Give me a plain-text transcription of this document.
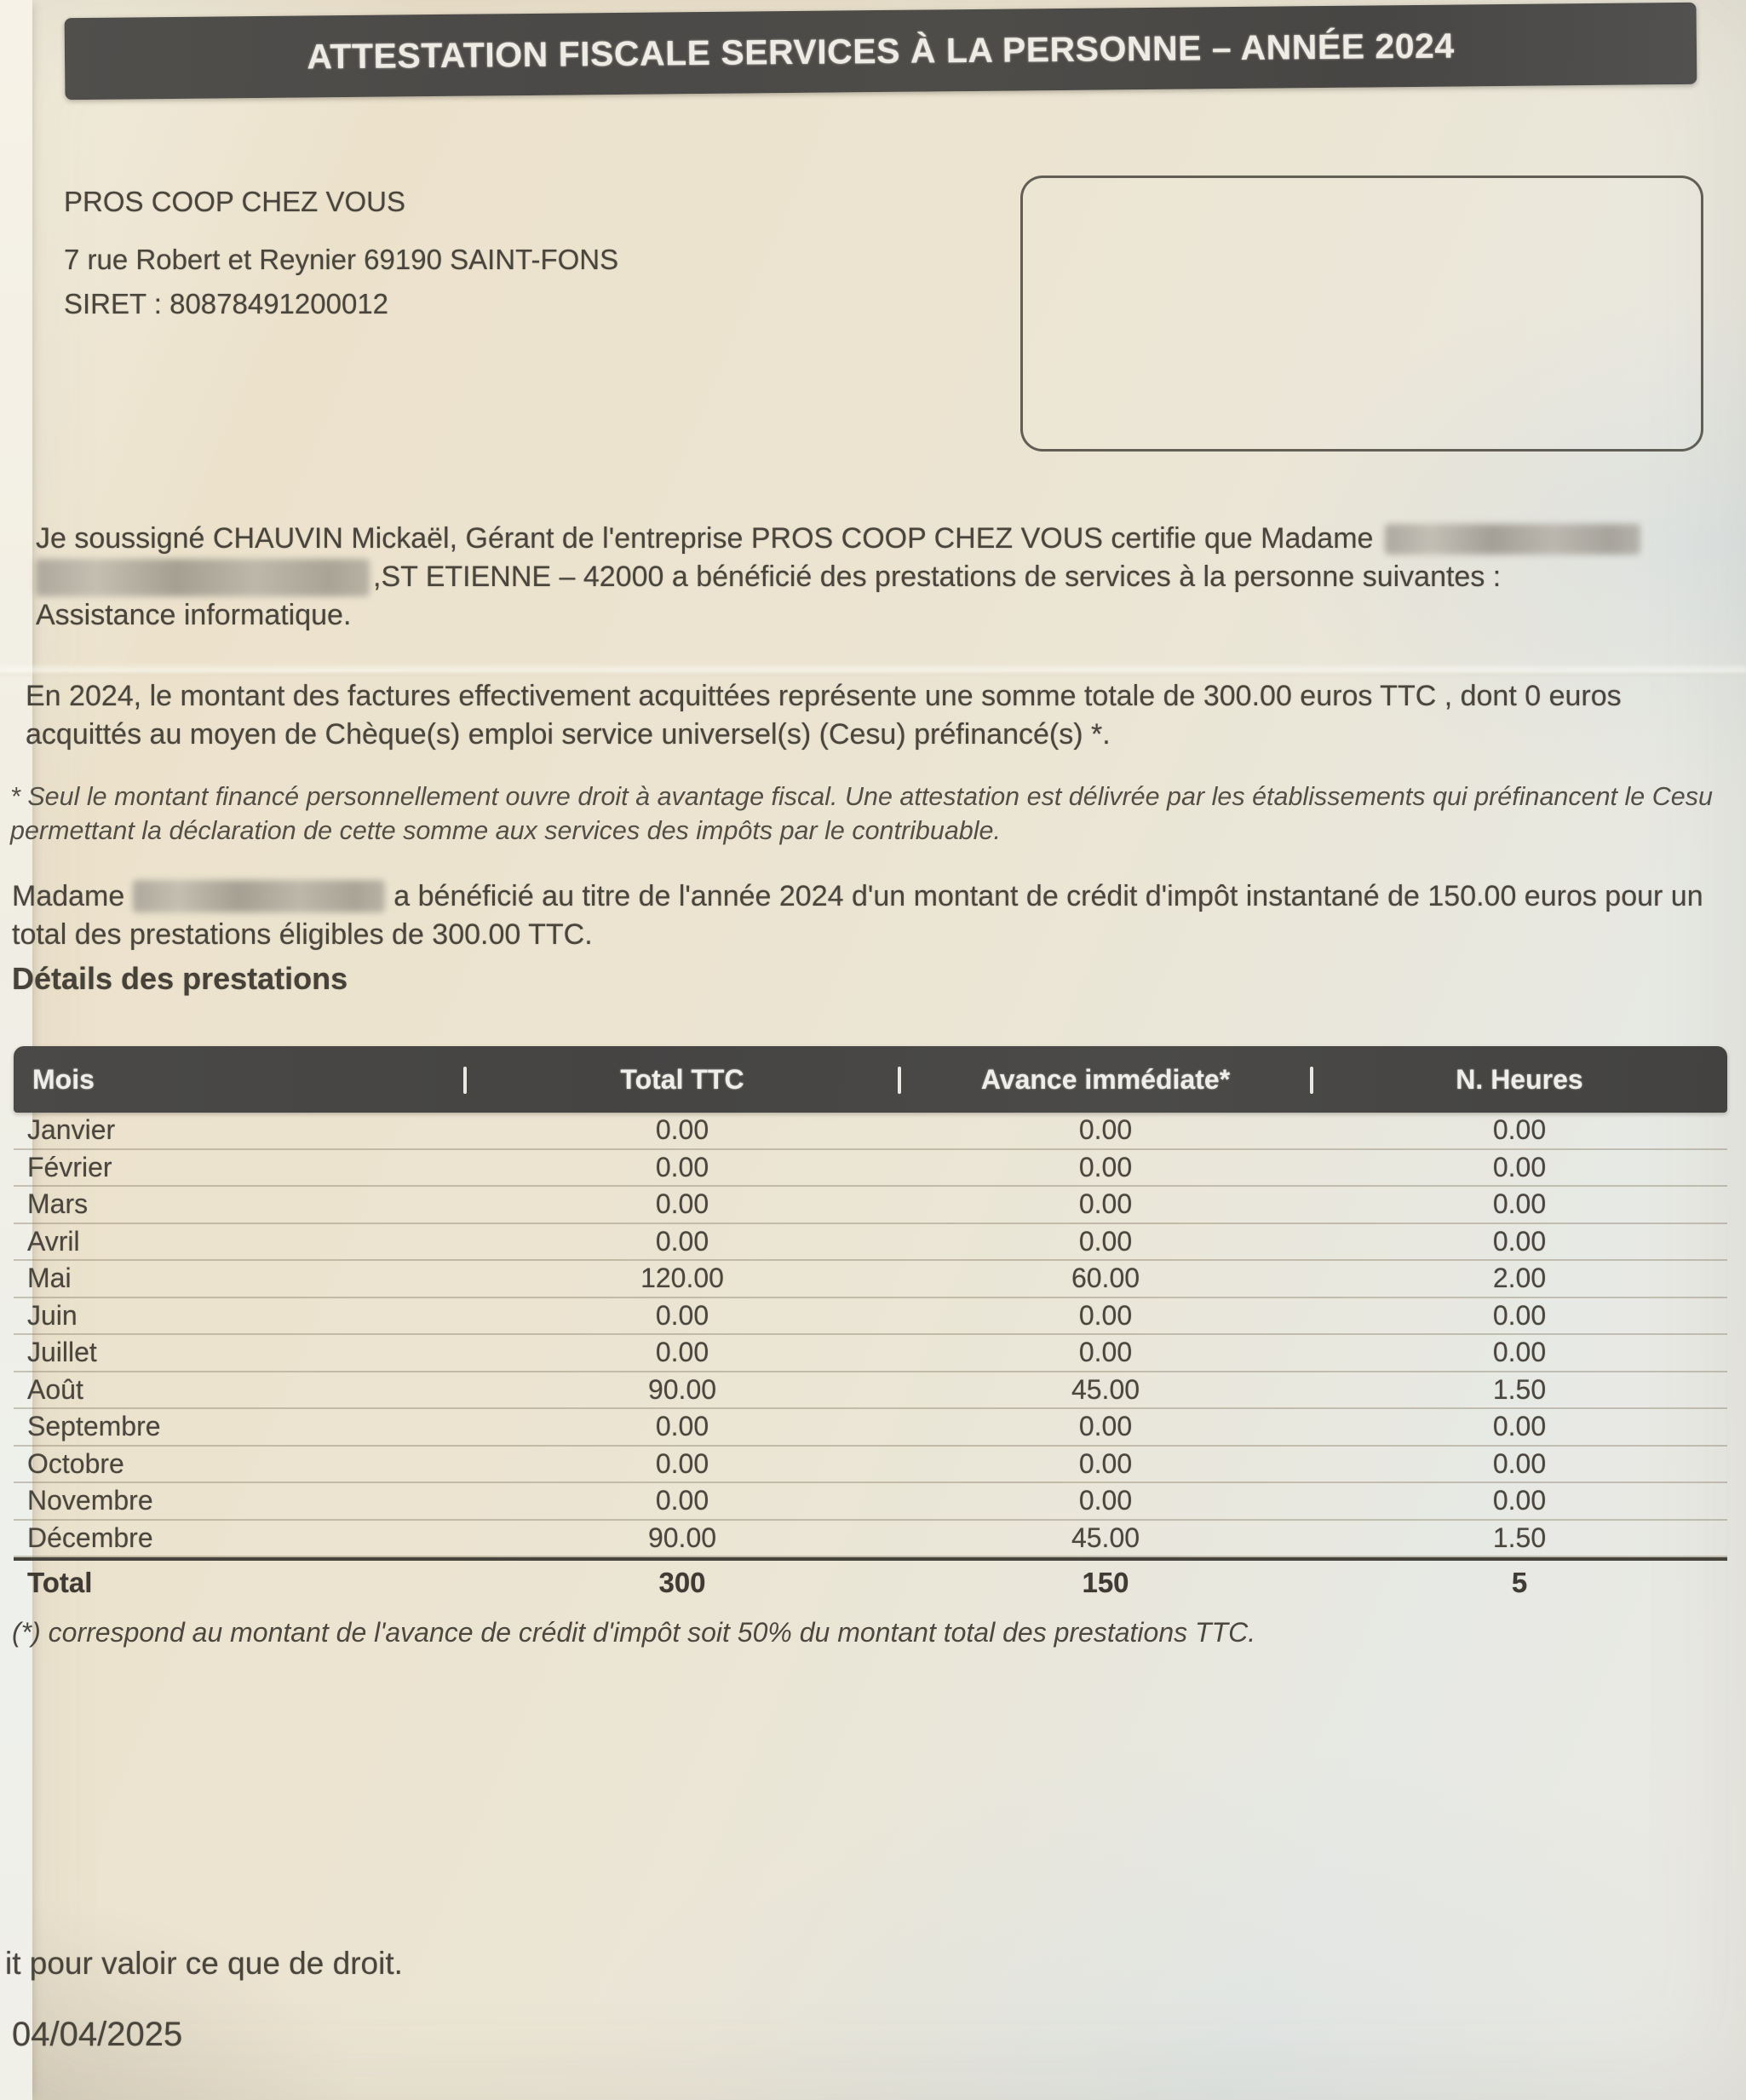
ATTESTATION FISCALE SERVICES À LA PERSONNE – ANNÉE 2024

PROS COOP CHEZ VOUS

7 rue Robert et Reynier 69190 SAINT-FONS

SIRET : 80878491200012

Je soussigné CHAUVIN Mickaël, Gérant de l'entreprise PROS COOP CHEZ VOUS certifie que Madame
,ST ETIENNE – 42000 a bénéficié des prestations de services à la personne suivantes :
Assistance informatique.
En 2024, le montant des factures effectivement acquittées représente une somme totale de 300.00 euros TTC , dont 0 euros acquittés au moyen de Chèque(s) emploi service universel(s) (Cesu) préfinancé(s) *.
* Seul le montant financé personnellement ouvre droit à avantage fiscal. Une attestation est délivrée par les établissements qui préfinancent le Cesu permettant la déclaration de cette somme aux services des impôts par le contribuable.
Madame	a bénéficié au titre de l'année 2024 d'un montant de crédit d'impôt instantané de 150.00 euros pour un total des prestations éligibles de 300.00 TTC.
Détails des prestations
Mois	Total TTC	Avance immédiate*	N. Heures
Janvier	0.00	0.00	0.00
Février	0.00	0.00	0.00
Mars	0.00	0.00	0.00
Avril	0.00	0.00	0.00
Mai	120.00	60.00	2.00
Juin	0.00	0.00	0.00
Juillet	0.00	0.00	0.00
Août	90.00	45.00	1.50
Septembre	0.00	0.00	0.00
Octobre	0.00	0.00	0.00
Novembre	0.00	0.00	0.00
Décembre	90.00	45.00	1.50
Total	300	150	5
(*) correspond au montant de l'avance de crédit d'impôt soit 50% du montant total des prestations TTC.
it pour valoir ce que de droit.
04/04/2025
